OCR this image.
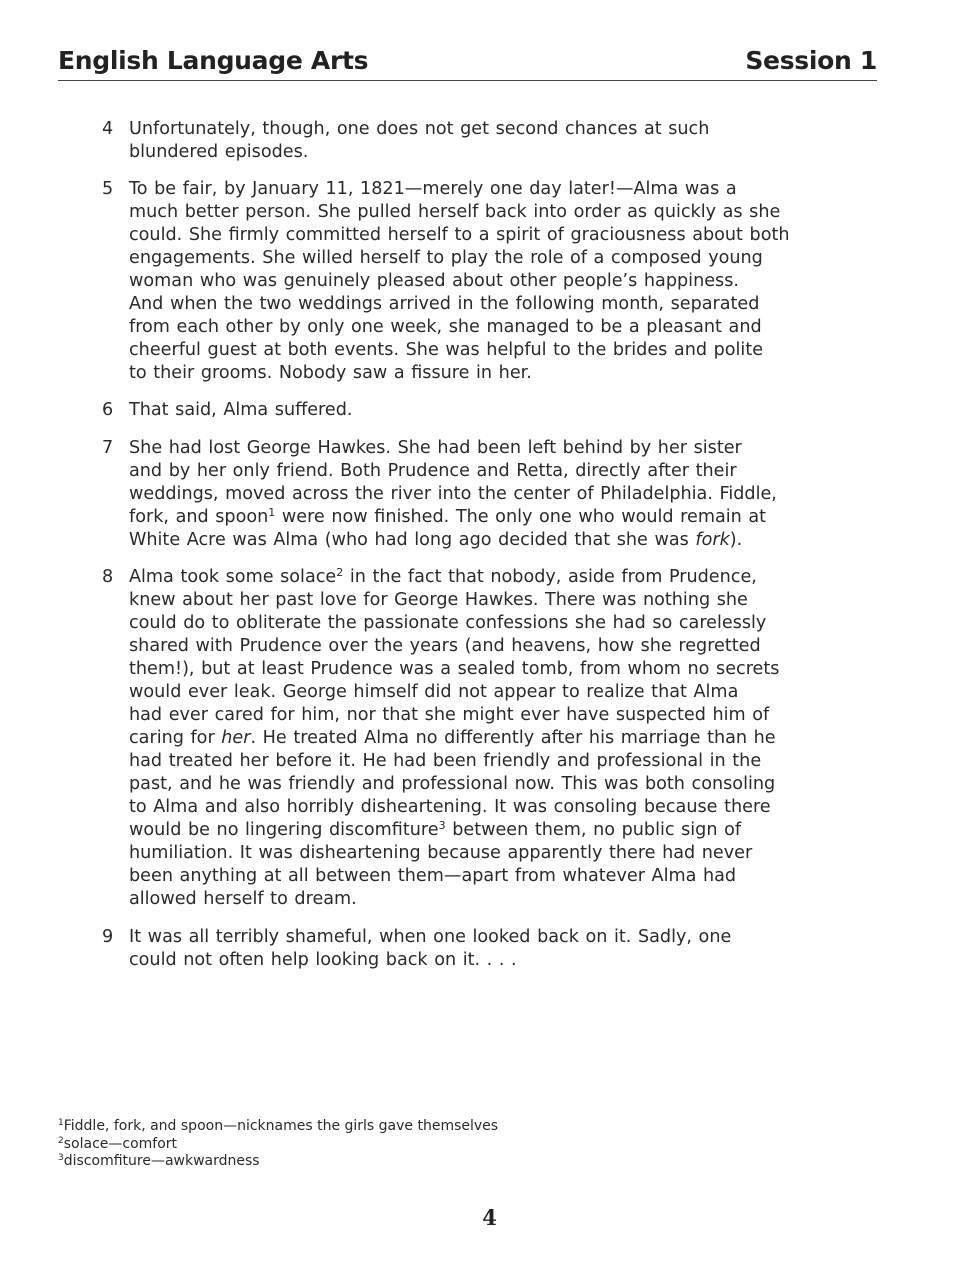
English Language Arts	Session 1
4 Unfortunately, though, one does not get second chances at such
blundered episodes.
5 To be fair, by January 11, 1821—merely one day later!—Alma was a
much better person. She pulled herself back into order as quickly as she
could. She firmly committed herself to a spirit of graciousness about both
engagements. She willed herself to play the role of a composed young
woman who was genuinely pleased about other people’s happiness.
And when the two weddings arrived in the following month, separated
from each other by only one week, she managed to be a pleasant and
cheerful guest at both events. She was helpful to the brides and polite
to their grooms. Nobody saw a fissure in her.
6 That said, Alma suffered.
7 She had lost George Hawkes. She had been left behind by her sister
and by her only friend. Both Prudence and Retta, directly after their
weddings, moved across the river into the center of Philadelphia. Fiddle,
fork, and spoon$^1$ were now finished. The only one who would remain at
White Acre was Alma (who had long ago decided that she was fork).
8 Alma took some solace$^2$ in the fact that nobody, aside from Prudence,
knew about her past love for George Hawkes. There was nothing she
could do to obliterate the passionate confessions she had so carelessly
shared with Prudence over the years (and heavens, how she regretted
them!), but at least Prudence was a sealed tomb, from whom no secrets
would ever leak. George himself did not appear to realize that Alma
had ever cared for him, nor that she might ever have suspected him of
caring for her. He treated Alma no differently after his marriage than he
had treated her before it. He had been friendly and professional in the
past, and he was friendly and professional now. This was both consoling
to Alma and also horribly disheartening. It was consoling because there
would be no lingering discomfiture$^3$ between them, no public sign of
humiliation. It was disheartening because apparently there had never
been anything at all between them—apart from whatever Alma had
allowed herself to dream.
9 It was all terribly shameful, when one looked back on it. Sadly, one
could not often help looking back on it. . . .
$^1$Fiddle, fork, and spoon—nicknames the girls gave themselves
$^2$solace—comfort
$^3$discomfiture—awkwardness
4
